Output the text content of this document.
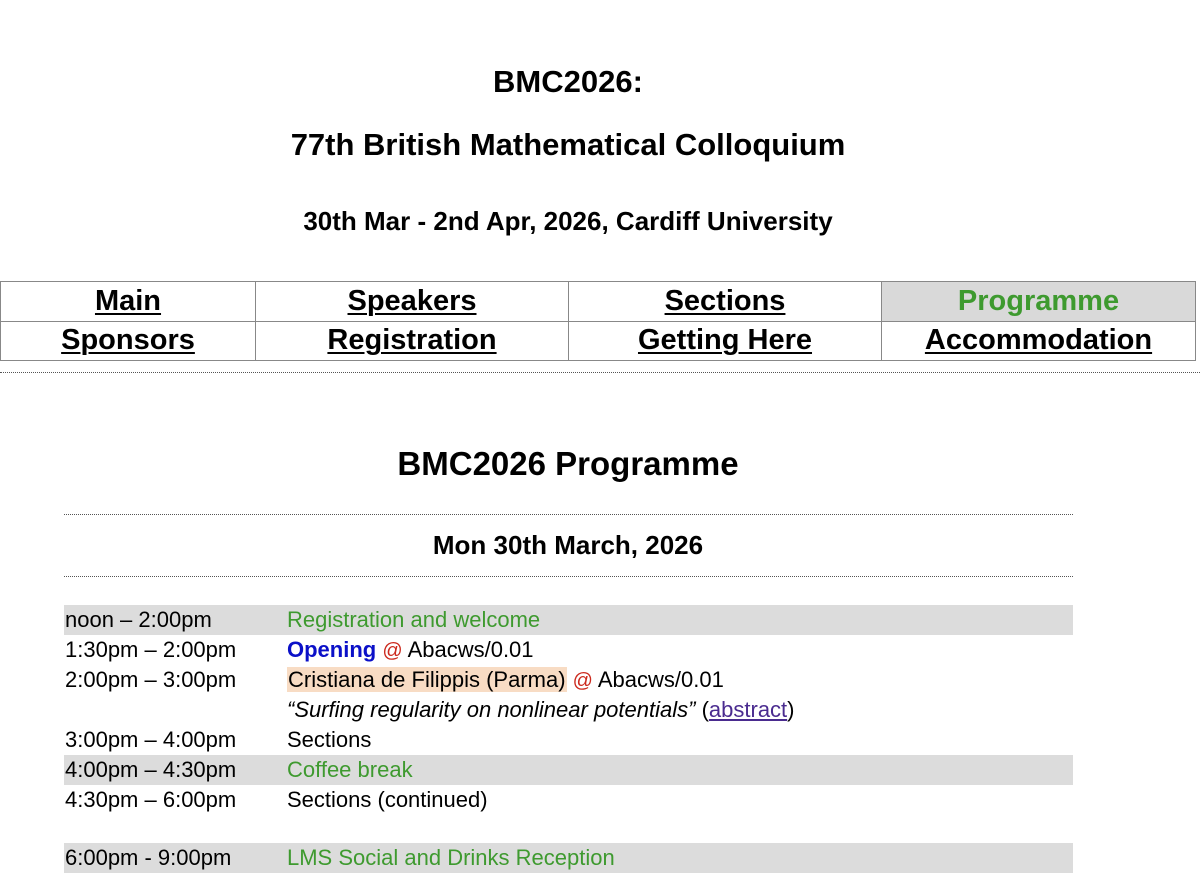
BMC2026:
77th British Mathematical Colloquium
30th Mar - 2nd Apr, 2026, Cardiff University
Main	Speakers	Sections	Programme
Sponsors	Registration	Getting Here	Accommodation
BMC2026 Programme
Mon 30th March, 2026
noon – 2:00pm	Registration and welcome
1:30pm – 2:00pm Opening @ Abacws/0.01
2:00pm – 3:00pm Cristiana de Filippis (Parma) @ Abacws/0.01
“Surfing regularity on nonlinear potentials” (abstract)
3:00pm – 4:00pm Sections
4:00pm – 4:30pm Coffee break
4:30pm – 6:00pm Sections (continued)
6:00pm - 9:00pm	LMS Social and Drinks Reception
